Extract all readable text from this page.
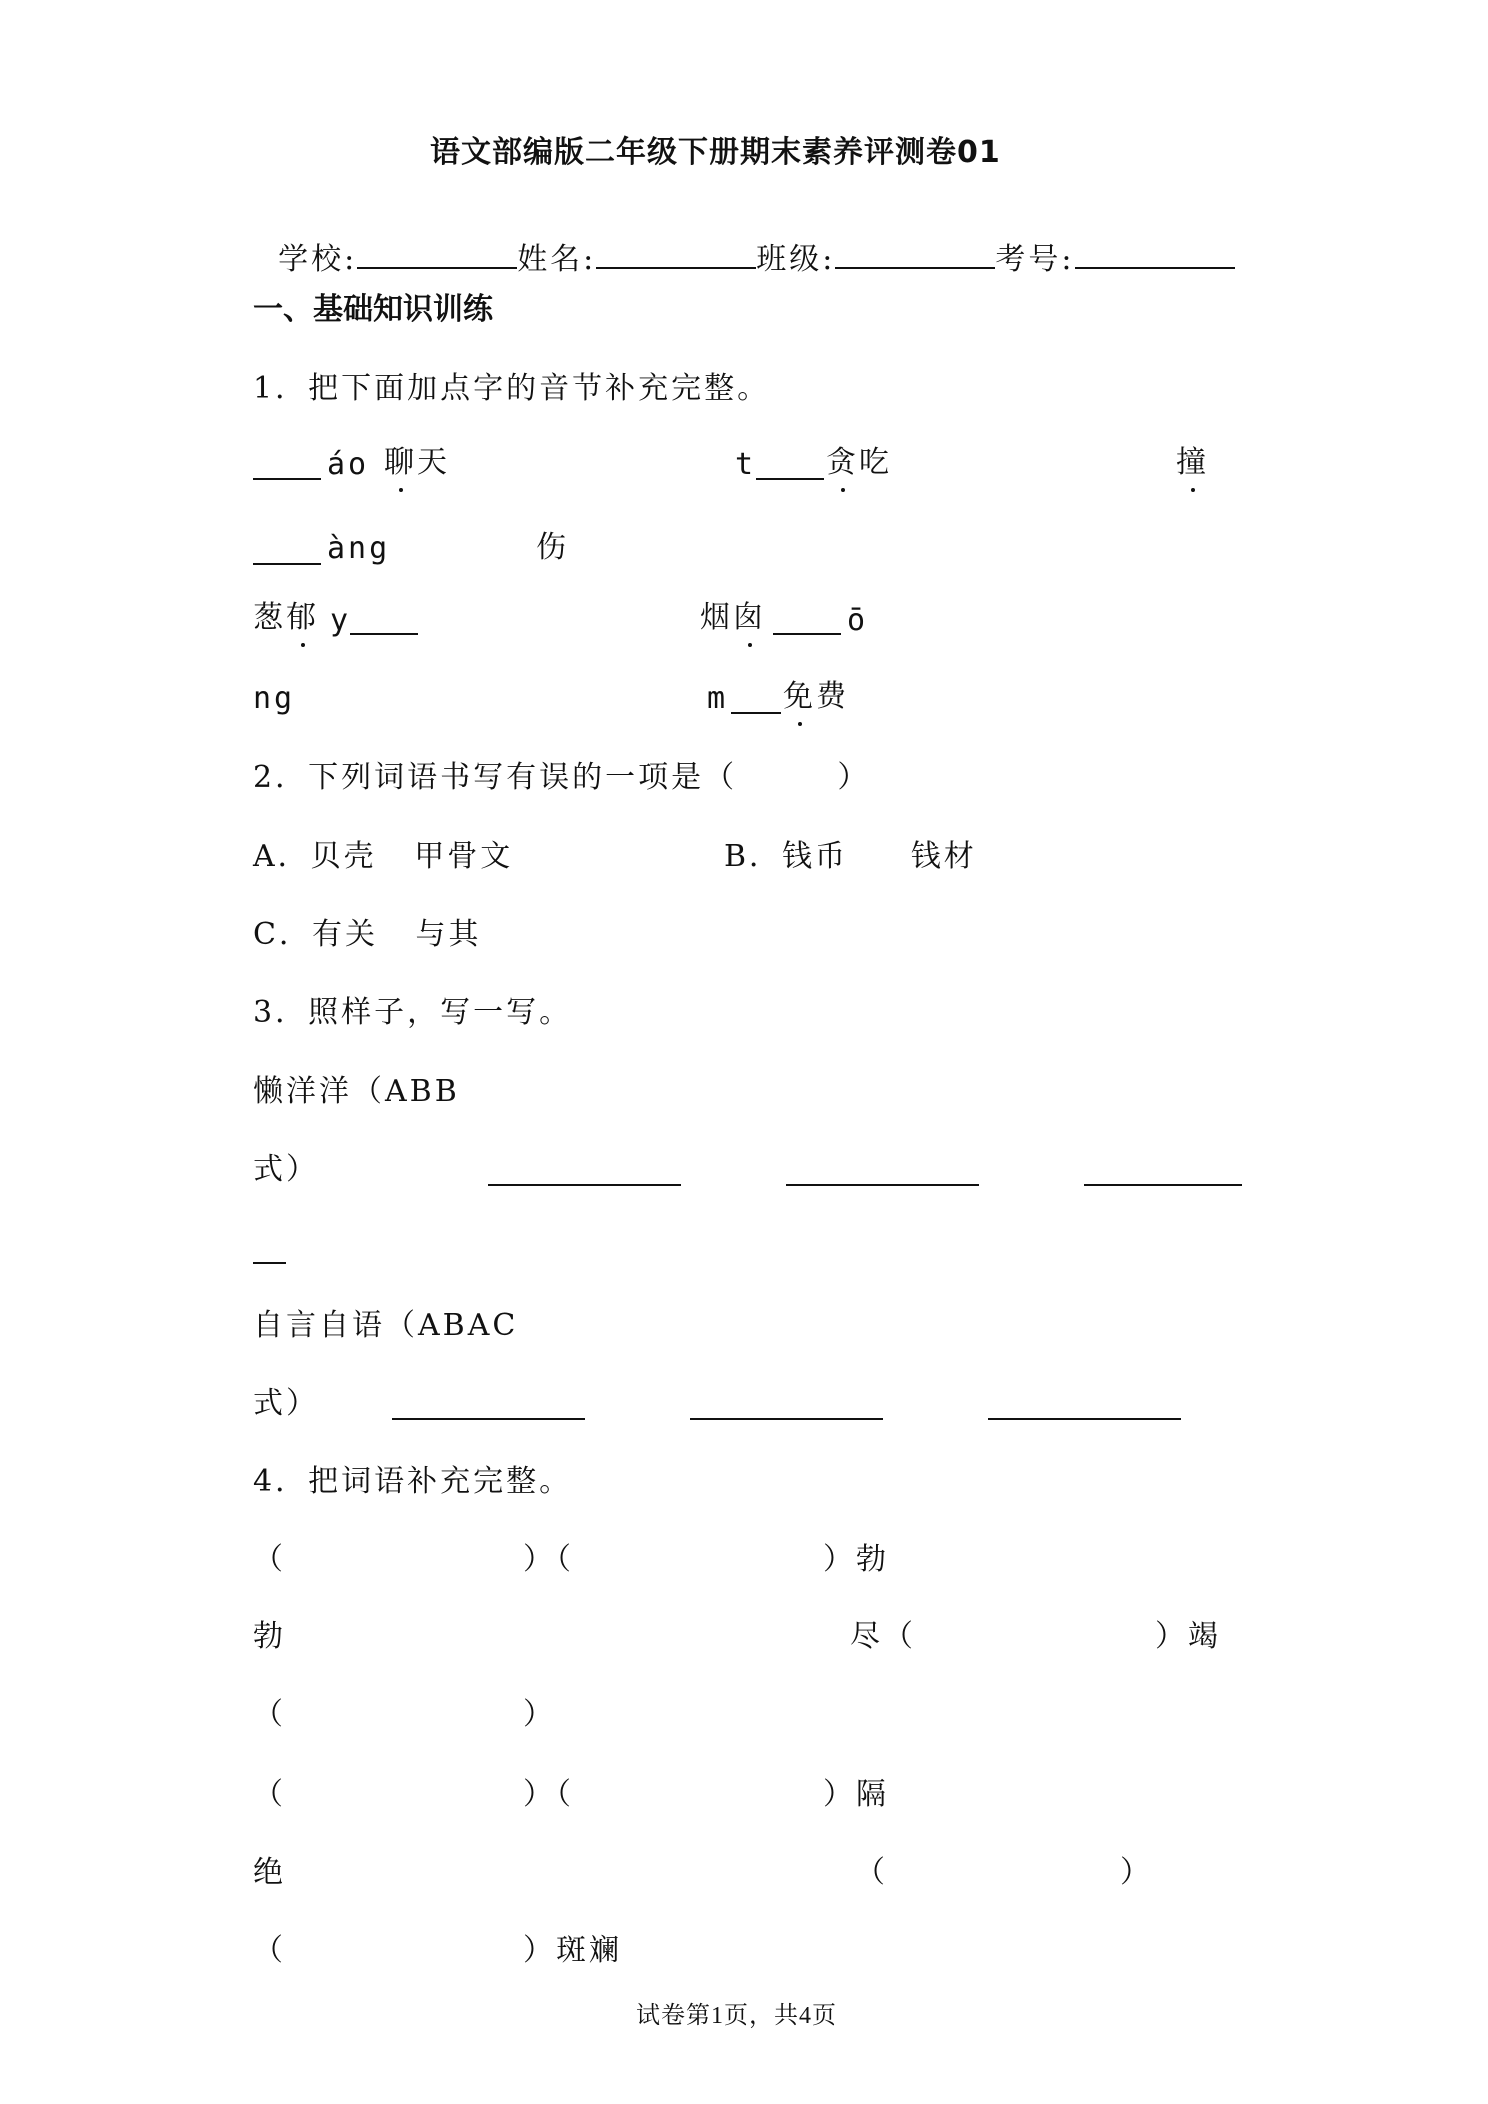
语文部编版二年级下册期末素养评测卷01

学校:	姓名:	班级:	考号:

一、基础知识训练
1．把下面加点字的音节补充完整。
áo 聊天	t 贪吃	撞
àng	伤
葱郁 y	烟囱	ō
ng	m 免费
2．下列词语书写有误的一项是（        ）
A．贝壳   甲骨文	B．钱币     钱材
C．有关   与其
3．照样子，写一写。
懒洋洋（ABB
式）
自言自语（ABAC
式）
4．把词语补充完整。
（	）（	）勃
勃	尽（	）竭
（	）
（	）（	）隔
绝	（	）
（	）斑斓
试卷第1页，共4页
